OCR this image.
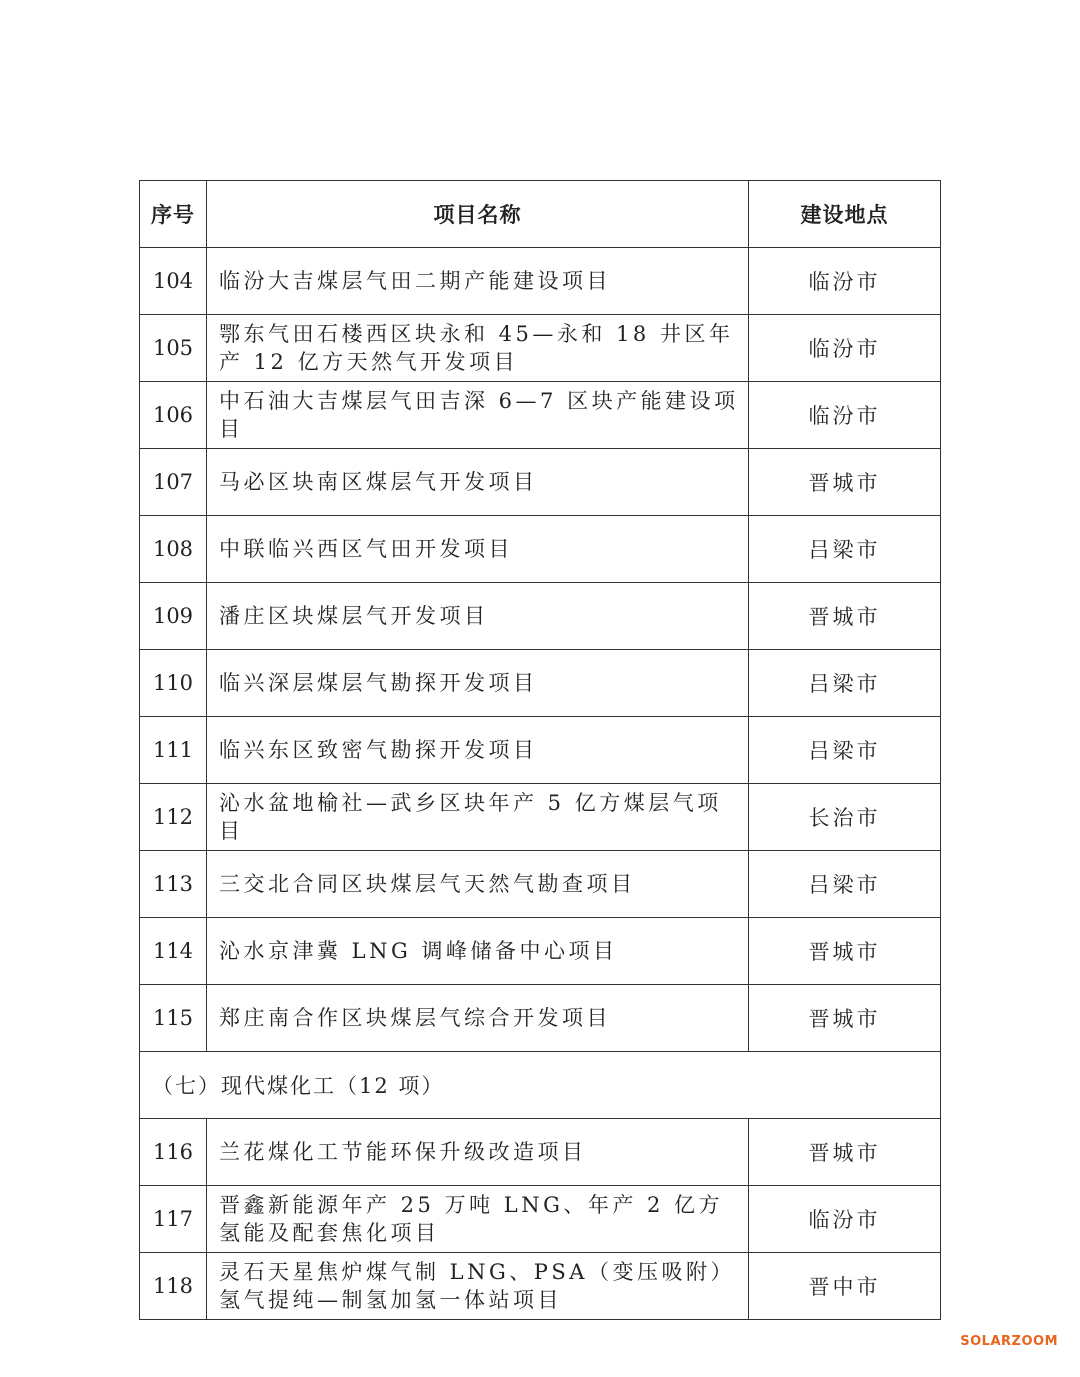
序号	项目名称	建设地点
104	临汾大吉煤层气田二期产能建设项目	临汾市
105	鄂东气田石楼西区块永和 45—永和 18 井区年产 12 亿方天然气开发项目	临汾市
106	中石油大吉煤层气田吉深 6—7 区块产能建设项目	临汾市
107	马必区块南区煤层气开发项目	晋城市
108	中联临兴西区气田开发项目	吕梁市
109	潘庄区块煤层气开发项目	晋城市
110	临兴深层煤层气勘探开发项目	吕梁市
111	临兴东区致密气勘探开发项目	吕梁市
112	沁水盆地榆社—武乡区块年产 5 亿方煤层气项目	长治市
113	三交北合同区块煤层气天然气勘查项目	吕梁市
114	沁水京津冀 LNG 调峰储备中心项目	晋城市
115	郑庄南合作区块煤层气综合开发项目	晋城市
（七）现代煤化工（12 项）		
116	兰花煤化工节能环保升级改造项目	晋城市
117	晋鑫新能源年产 25 万吨 LNG、年产 2 亿方氢能及配套焦化项目	临汾市
118	灵石天星焦炉煤气制 LNG、PSA（变压吸附）氢气提纯—制氢加氢一体站项目	晋中市
SOLARZOOM
